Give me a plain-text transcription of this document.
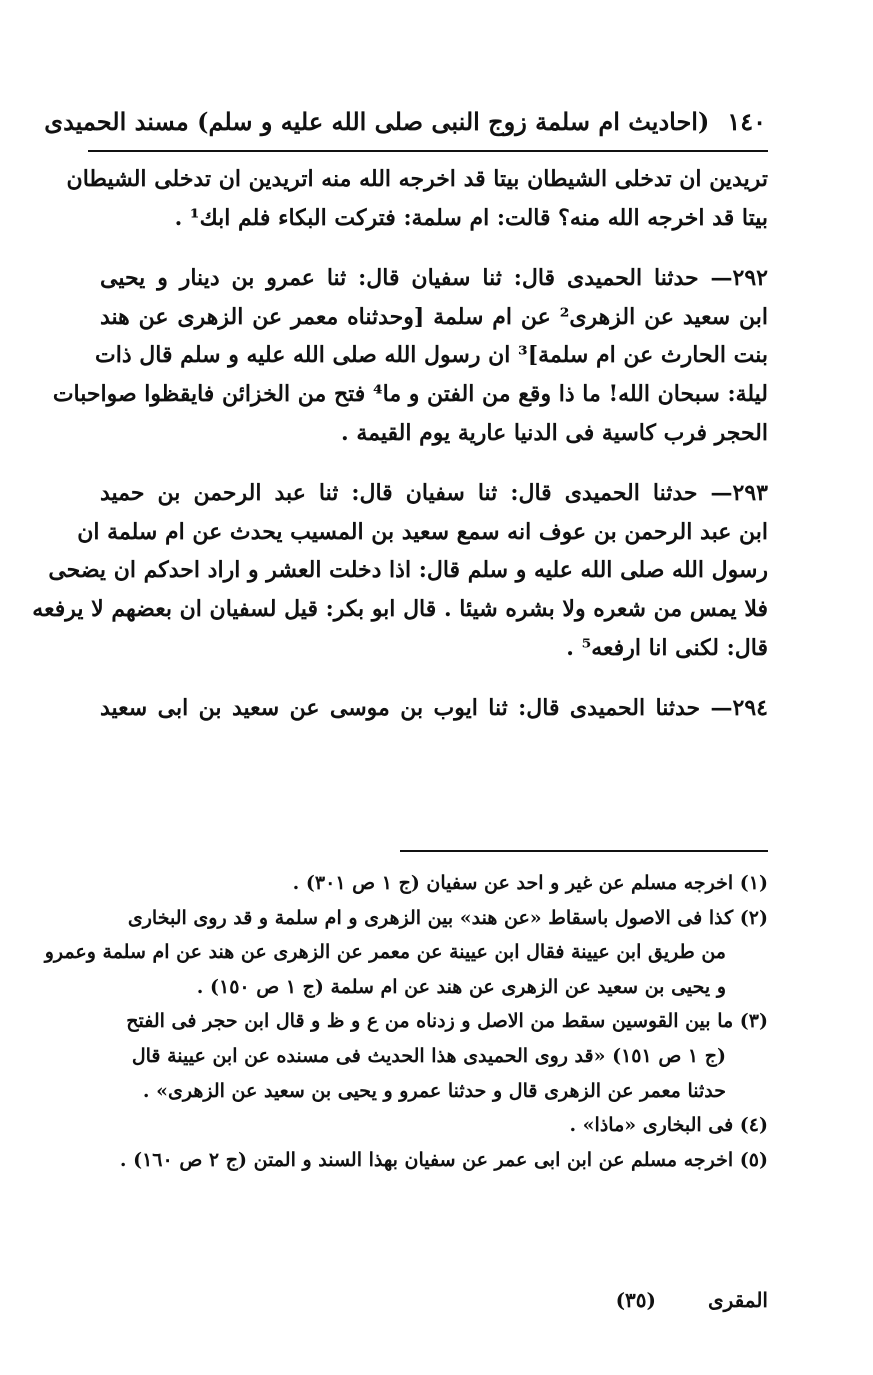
١٤٠
(احاديث ام سلمة زوج النبى صلى الله عليه و سلم) مسند الحميدى
تريدين ان تدخلى الشيطان بيتا قد اخرجه الله منه اتريدين ان تدخلى الشيطان
بيتا قد اخرجه الله منه؟ قالت: ام سلمة: فتركت البكاء فلم ابك¹ .
٢٩٢— حدثنا الحميدى قال: ثنا سفيان قال: ثنا عمرو بن دينار و يحيى
ابن سعيد عن الزهرى² عن ام سلمة [وحدثناه معمر عن الزهرى عن هند
بنت الحارث عن ام سلمة]³ ان رسول الله صلى الله عليه و سلم قال ذات
ليلة: سبحان الله! ما ذا وقع من الفتن و ما⁴ فتح من الخزائن فايقظوا صواحبات
الحجر فرب كاسية فى الدنيا عارية يوم القيمة .
٢٩٣— حدثنا الحميدى قال: ثنا سفيان قال: ثنا عبد الرحمن بن حميد
ابن عبد الرحمن بن عوف انه سمع سعيد بن المسيب يحدث عن ام سلمة ان
رسول الله صلى الله عليه و سلم قال: اذا دخلت العشر و اراد احدكم ان يضحى
فلا يمس من شعره ولا بشره شيئا . قال ابو بكر: قيل لسفيان ان بعضهم لا يرفعه
قال: لكنى انا ارفعه⁵ .
٢٩٤— حدثنا الحميدى قال: ثنا ايوب بن موسى عن سعيد بن ابى سعيد
(١) اخرجه مسلم عن غير و احد عن سفيان (ج ١ ص ٣٠١) .
(٢) كذا فى الاصول باسقاط «عن هند» بين الزهرى و ام سلمة و قد روى البخارى
من طريق ابن عيينة فقال ابن عيينة عن معمر عن الزهرى عن هند عن ام سلمة وعمرو
و يحيى بن سعيد عن الزهرى عن هند عن ام سلمة (ج ١ ص ١٥٠) .
(٣) ما بين القوسين سقط من الاصل و زدناه من ع و ظ و قال ابن حجر فى الفتح
(ج ١ ص ١٥١) «قد روى الحميدى هذا الحديث فى مسنده عن ابن عيينة قال
حدثنا معمر عن الزهرى قال و حدثنا عمرو و يحيى بن سعيد عن الزهرى» .
(٤) فى البخارى «ماذا» .
(٥) اخرجه مسلم عن ابن ابى عمر عن سفيان بهذا السند و المتن (ج ٢ ص ١٦٠) .
المقرى
(٣٥)
